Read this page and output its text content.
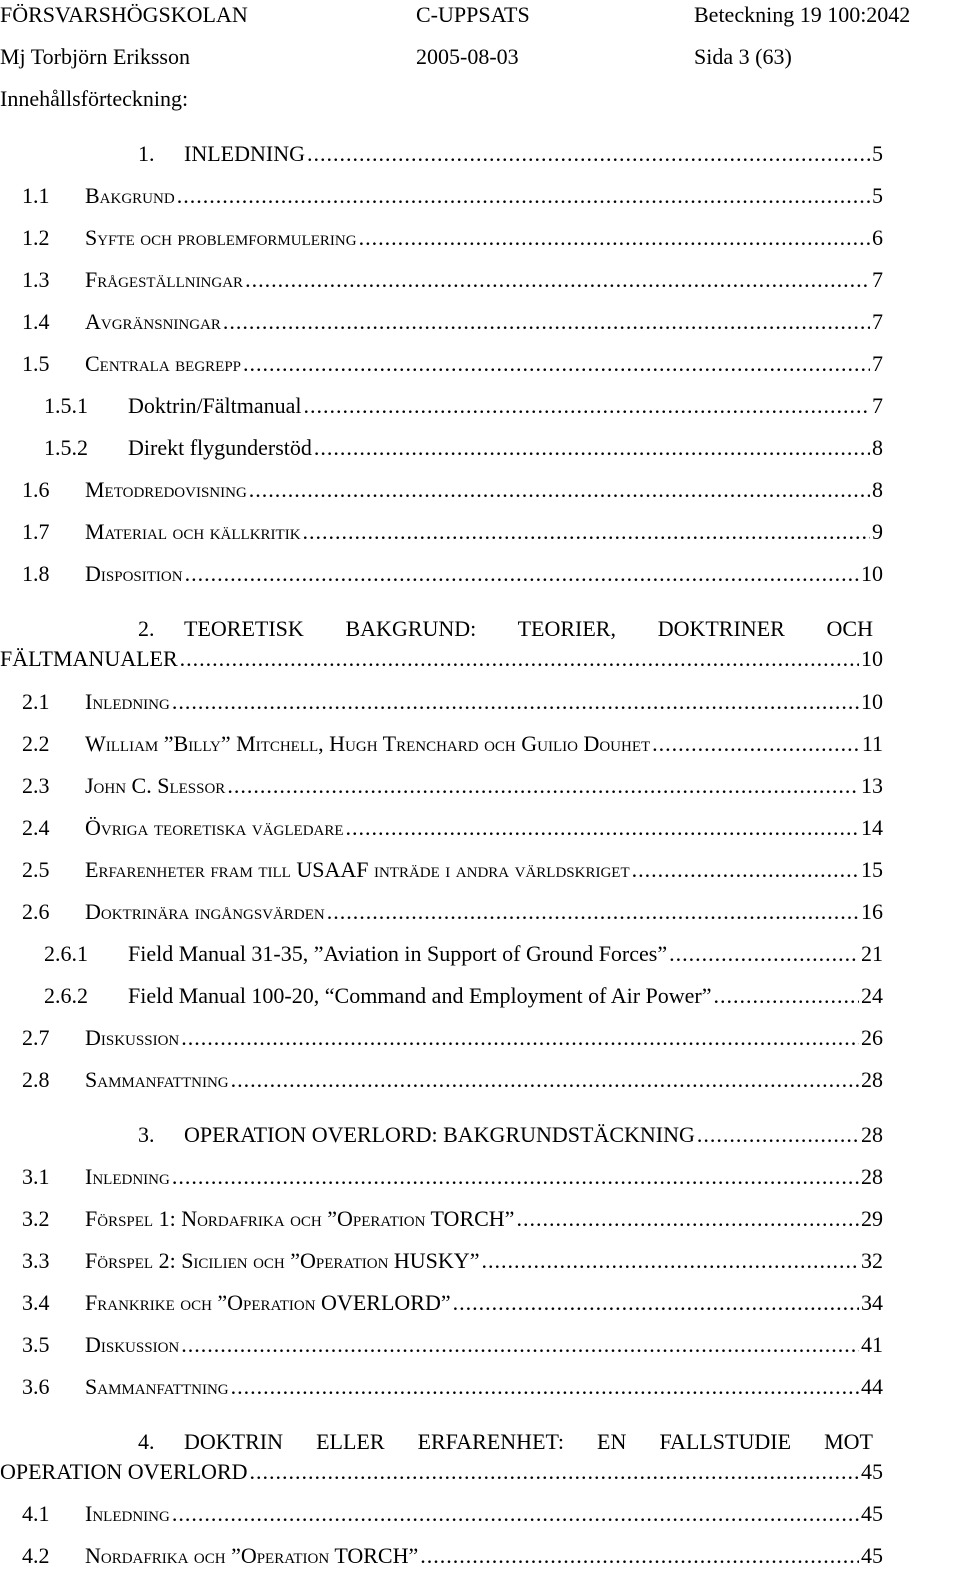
FÖRSVARSHÖGSKOLAN	C-UPPSATS	Beteckning 19 100:2042
Mj Torbjörn Eriksson	2005-08-03	Sida 3 (63)
Innehållsförteckning:
1. INLEDNING .....	5
1.1 Bakgrund .....	5
1.2 Syfte och problemformulering .....	6
1.3 Frågeställningar .....	7
1.4 Avgränsningar .....	7
1.5 Centrala begrepp .....	7
1.5.1 Doktrin/Fältmanual .....	7
1.5.2 Direkt flygunderstöd .....	8
1.6 Metodredovisning .....	8
1.7 Material och källkritik .....	9
1.8 Disposition .....	10
2. TEORETISK BAKGRUND: TEORIER, DOKTRINER OCH
FÄLTMANUALER .....	10
2.1 Inledning .....	10
2.2 William ”Billy” Mitchell, Hugh Trenchard och Guilio Douhet .....	11
2.3 John C. Slessor .....	13
2.4 Övriga teoretiska vägledare .....	14
2.5 Erfarenheter fram till USAAF inträde i andra världskriget .....	15
2.6 Doktrinära ingångsvärden .....	16
2.6.1 Field Manual 31-35, ”Aviation in Support of Ground Forces” .....	21
2.6.2 Field Manual 100-20, “Command and Employment of Air Power” .....	24
2.7 Diskussion .....	26
2.8 Sammanfattning .....	28
3. OPERATION OVERLORD: BAKGRUNDSTÄCKNING .....	28
3.1 Inledning .....	28
3.2 Förspel 1: Nordafrika och ”Operation TORCH” .....	29
3.3 Förspel 2: Sicilien och ”Operation HUSKY” .....	32
3.4 Frankrike och ”Operation OVERLORD” .....	34
3.5 Diskussion .....	41
3.6 Sammanfattning .....	44
4. DOKTRIN ELLER ERFARENHET: EN FALLSTUDIE MOT
OPERATION OVERLORD .....	45
4.1 Inledning .....	45
4.2 Nordafrika och ”Operation TORCH” .....	45
